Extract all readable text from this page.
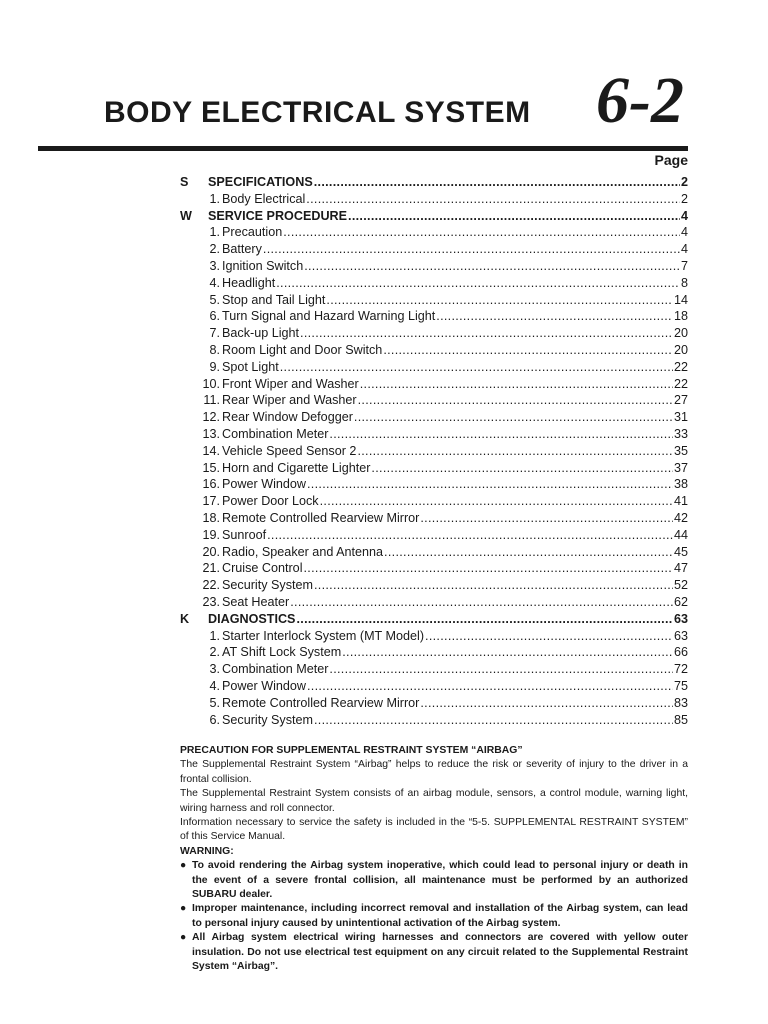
BODY ELECTRICAL SYSTEM 6-2
Page
S	SPECIFICATIONS .....	2
1. Body Electrical .....	2
W	SERVICE PROCEDURE .....	4
1. Precaution .....	4
2. Battery .....	4
3. Ignition Switch .....	7
4. Headlight .....	8
5. Stop and Tail Light .....	14
6. Turn Signal and Hazard Warning Light .....	18
7. Back-up Light .....	20
8. Room Light and Door Switch .....	20
9. Spot Light .....	22
10. Front Wiper and Washer .....	22
11. Rear Wiper and Washer .....	27
12. Rear Window Defogger .....	31
13. Combination Meter .....	33
14. Vehicle Speed Sensor 2 .....	35
15. Horn and Cigarette Lighter .....	37
16. Power Window .....	38
17. Power Door Lock .....	41
18. Remote Controlled Rearview Mirror .....	42
19. Sunroof .....	44
20. Radio, Speaker and Antenna .....	45
21. Cruise Control .....	47
22. Security System .....	52
23. Seat Heater .....	62
K	DIAGNOSTICS .....	63
1. Starter Interlock System (MT Model) .....	63
2. AT Shift Lock System .....	66
3. Combination Meter .....	72
4. Power Window .....	75
5. Remote Controlled Rearview Mirror .....	83
6. Security System .....	85
PRECAUTION FOR SUPPLEMENTAL RESTRAINT SYSTEM “AIRBAG”

The Supplemental Restraint System “Airbag” helps to reduce the risk or severity of injury to the driver in a frontal collision.

The Supplemental Restraint System consists of an airbag module, sensors, a control module, warning light, wiring harness and roll connector.

Information necessary to service the safety is included in the “5-5. SUPPLEMENTAL RESTRAINT SYSTEM” of this Service Manual.

WARNING:

● To avoid rendering the Airbag system inoperative, which could lead to personal injury or death in the event of a severe frontal collision, all maintenance must be performed by an authorized SUBARU dealer.
● Improper maintenance, including incorrect removal and installation of the Airbag system, can lead to personal injury caused by unintentional activation of the Airbag system.
● All Airbag system electrical wiring harnesses and connectors are covered with yellow outer insulation. Do not use electrical test equipment on any circuit related to the Supplemental Restraint System “Airbag”.
